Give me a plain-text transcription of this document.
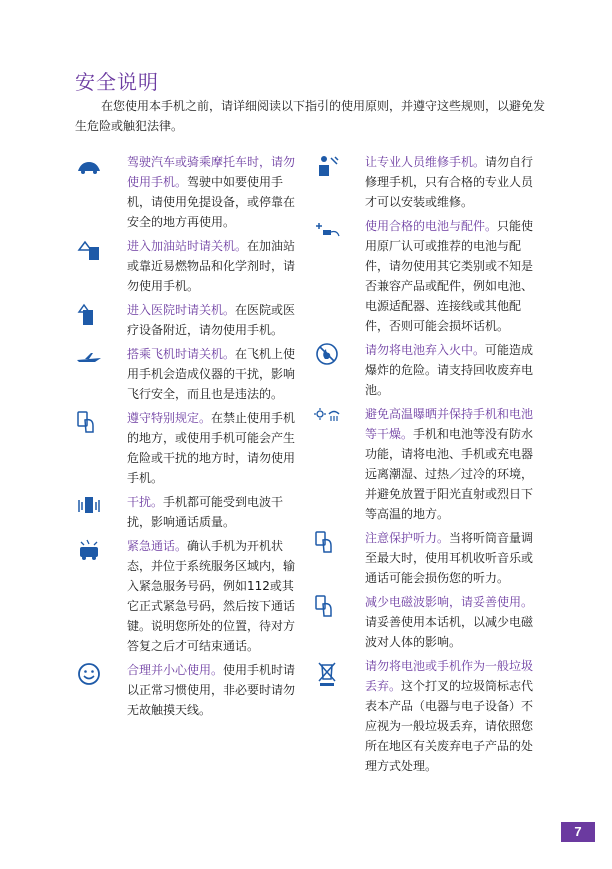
安全说明
在您使用本手机之前，请详细阅读以下指引的使用原则，并遵守这些规则，以避免发生危险或触犯法律。
驾驶汽车或骑乘摩托车时，请勿使用手机。驾驶中如要使用手机，请使用免提设备，或停靠在安全的地方再使用。
进入加油站时请关机。在加油站或靠近易燃物品和化学剂时，请勿使用手机。
进入医院时请关机。在医院或医疗设备附近，请勿使用手机。
搭乘飞机时请关机。在飞机上使用手机会造成仪器的干扰，影响飞行安全，而且也是违法的。
遵守特别规定。在禁止使用手机的地方，或使用手机可能会产生危险或干扰的地方时，请勿使用手机。
干扰。手机都可能受到电波干扰，影响通话质量。
紧急通话。确认手机为开机状态，并位于系统服务区域内，输入紧急服务号码，例如112或其它正式紧急号码，然后按下通话键。说明您所处的位置，待对方答复之后才可结束通话。
合理并小心使用。使用手机时请以正常习惯使用，非必要时请勿无故触摸天线。
让专业人员维修手机。请勿自行修理手机，只有合格的专业人员才可以安装或维修。
使用合格的电池与配件。只能使用原厂认可或推荐的电池与配件，请勿使用其它类别或不知是否兼容产品或配件，例如电池、电源适配器、连接线或其他配件，否则可能会损坏话机。
请勿将电池弃入火中。可能造成爆炸的危险。请支持回收废弃电池。
避免高温曝晒并保持手机和电池等干燥。手机和电池等没有防水功能，请将电池、手机或充电器远离潮湿、过热／过冷的环境，并避免放置于阳光直射或烈日下等高温的地方。
注意保护听力。当将听筒音量调至最大时，使用耳机收听音乐或通话可能会损伤您的听力。
减少电磁波影响，请妥善使用。请妥善使用本话机，以减少电磁波对人体的影响。
请勿将电池或手机作为一般垃圾丢弃。这个打叉的垃圾筒标志代表本产品（电器与电子设备）不应视为一般垃圾丢弃，请依照您所在地区有关废弃电子产品的处理方式处理。
7
